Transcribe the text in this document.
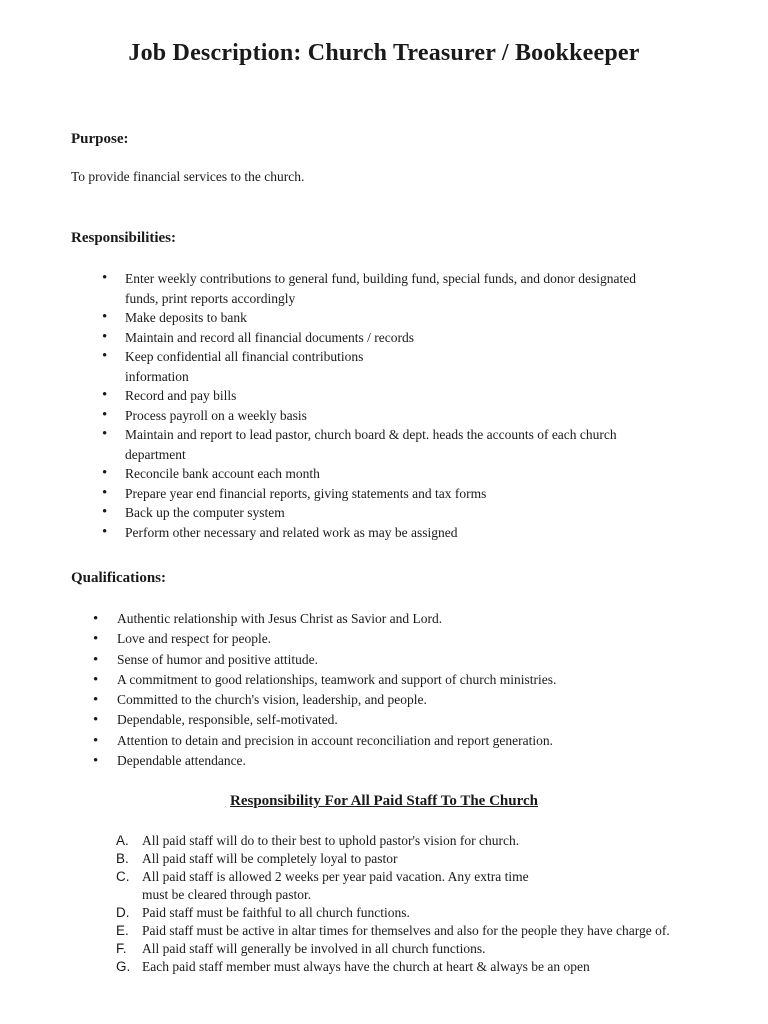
Job Description: Church Treasurer / Bookkeeper
Purpose:
To provide financial services to the church.
Responsibilities:
• Enter weekly contributions to general fund, building fund, special funds, and donor designated funds, print reports accordingly
• Make deposits to bank
• Maintain and record all financial documents / records
• Keep confidential all financial contributions information
• Record and pay bills
• Process payroll on a weekly basis
• Maintain and report to lead pastor, church board & dept. heads the accounts of each church department
• Reconcile bank account each month
• Prepare year end financial reports, giving statements and tax forms
• Back up the computer system
• Perform other necessary and related work as may be assigned
Qualifications:
• Authentic relationship with Jesus Christ as Savior and Lord.
• Love and respect for people.
• Sense of humor and positive attitude.
• A commitment to good relationships, teamwork and support of church ministries.
• Committed to the church's vision, leadership, and people.
• Dependable, responsible, self-motivated.
• Attention to detain and precision in account reconciliation and report generation.
• Dependable attendance.
Responsibility For All Paid Staff To The Church
A. All paid staff will do to their best to uphold pastor's vision for church.
B. All paid staff will be completely loyal to pastor
C. All paid staff is allowed 2 weeks per year paid vacation. Any extra time must be cleared through pastor.
D. Paid staff must be faithful to all church functions.
E. Paid staff must be active in altar times for themselves and also for the people they have charge of.
F. All paid staff will generally be involved in all church functions.
G. Each paid staff member must always have the church at heart & always be an open
